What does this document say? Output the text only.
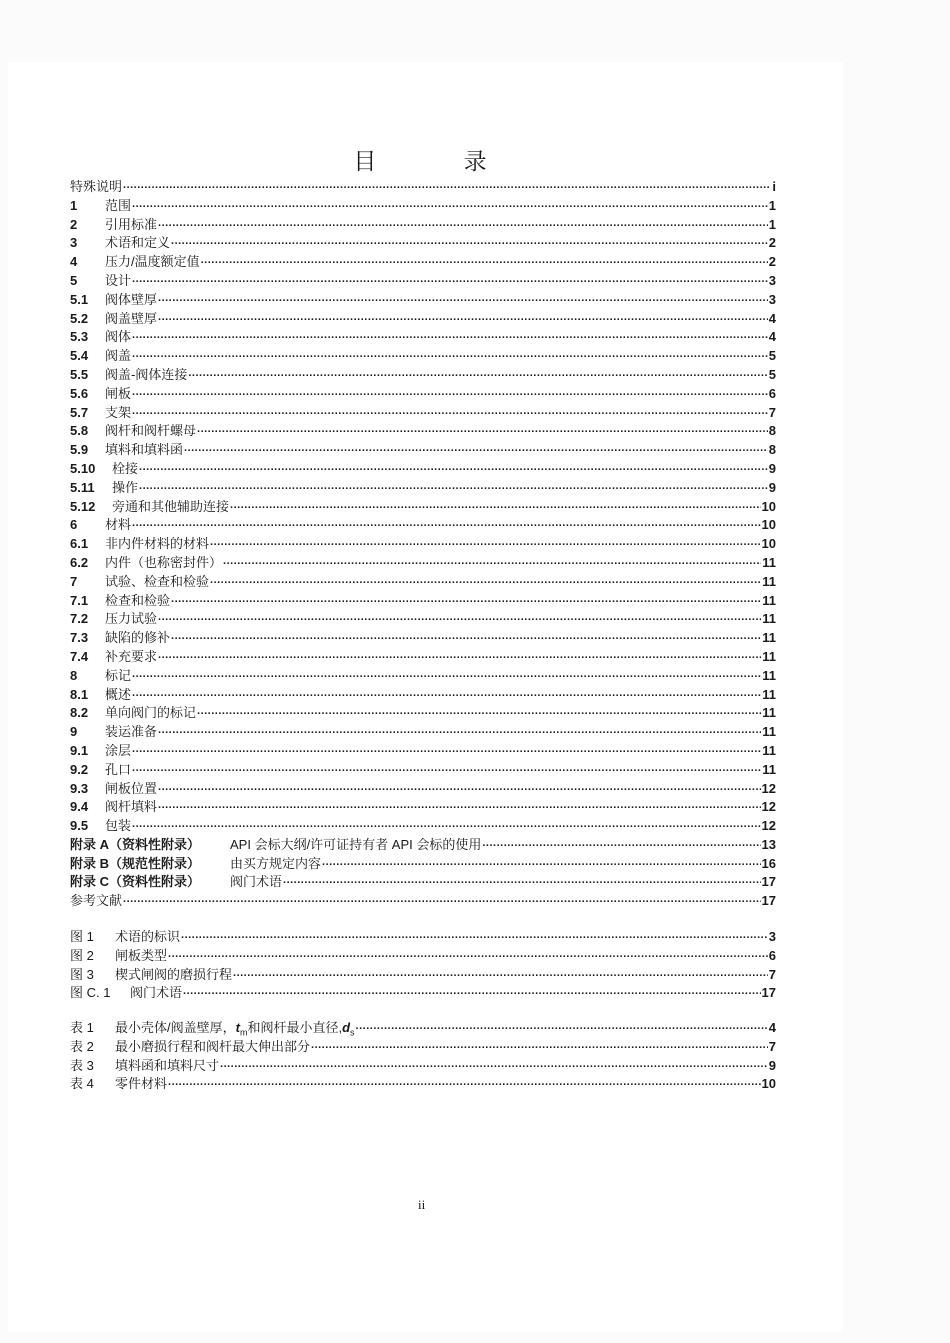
目 录
特殊说明 .....	i
1	范围 .....	1
2	引用标准 .....	1
3	术语和定义 .....	2
4	压力/温度额定值 .....	2
5	设计 .....	3
5.1	阀体壁厚 .....	3
5.2	阀盖壁厚 .....	4
5.3	阀体 .....	4
5.4	阀盖 .....	5
5.5	阀盖-阀体连接 .....	5
5.6	闸板 .....	6
5.7	支架 .....	7
5.8	阀杆和阀杆螺母 .....	8
5.9	填料和填料函 .....	8
5.10	栓接 .....	9
5.11	操作 .....	9
5.12	旁通和其他辅助连接 .....	10
6	材料 .....	10
6.1	非内件材料的材料 .....	10
6.2	内件（也称密封件） .....	11
7	试验、检查和检验 .....	11
7.1	检查和检验 .....	11
7.2	压力试验 .....	11
7.3	缺陷的修补 .....	11
7.4	补充要求 .....	11
8	标记 .....	11
8.1	概述 .....	11
8.2	单向阀门的标记 .....	11
9	装运准备 .....	11
9.1	涂层 .....	11
9.2	孔口 .....	11
9.3	闸板位置 .....	12
9.4	阀杆填料 .....	12
9.5	包装 .....	12
附录 A（资料性附录）	API 会标大纲/许可证持有者 API 会标的使用 .....	13
附录 B（规范性附录）	由买方规定内容 .....	16
附录 C（资料性附录）	阀门术语 .....	17
参考文献 .....	17
图 1	术语的标识 .....	3
图 2	闸板类型 .....	6
图 3	楔式闸阀的磨损行程 .....	7
图 C. 1	阀门术语 .....	17
表 1	最小壳体/阀盖壁厚， $t_m$和阀杆最小直径$,d_s$ .....	4
表 2	最小磨损行程和阀杆最大伸出部分 .....	7
表 3	填料函和填料尺寸 .....	9
表 4	零件材料 .....	10
ii
